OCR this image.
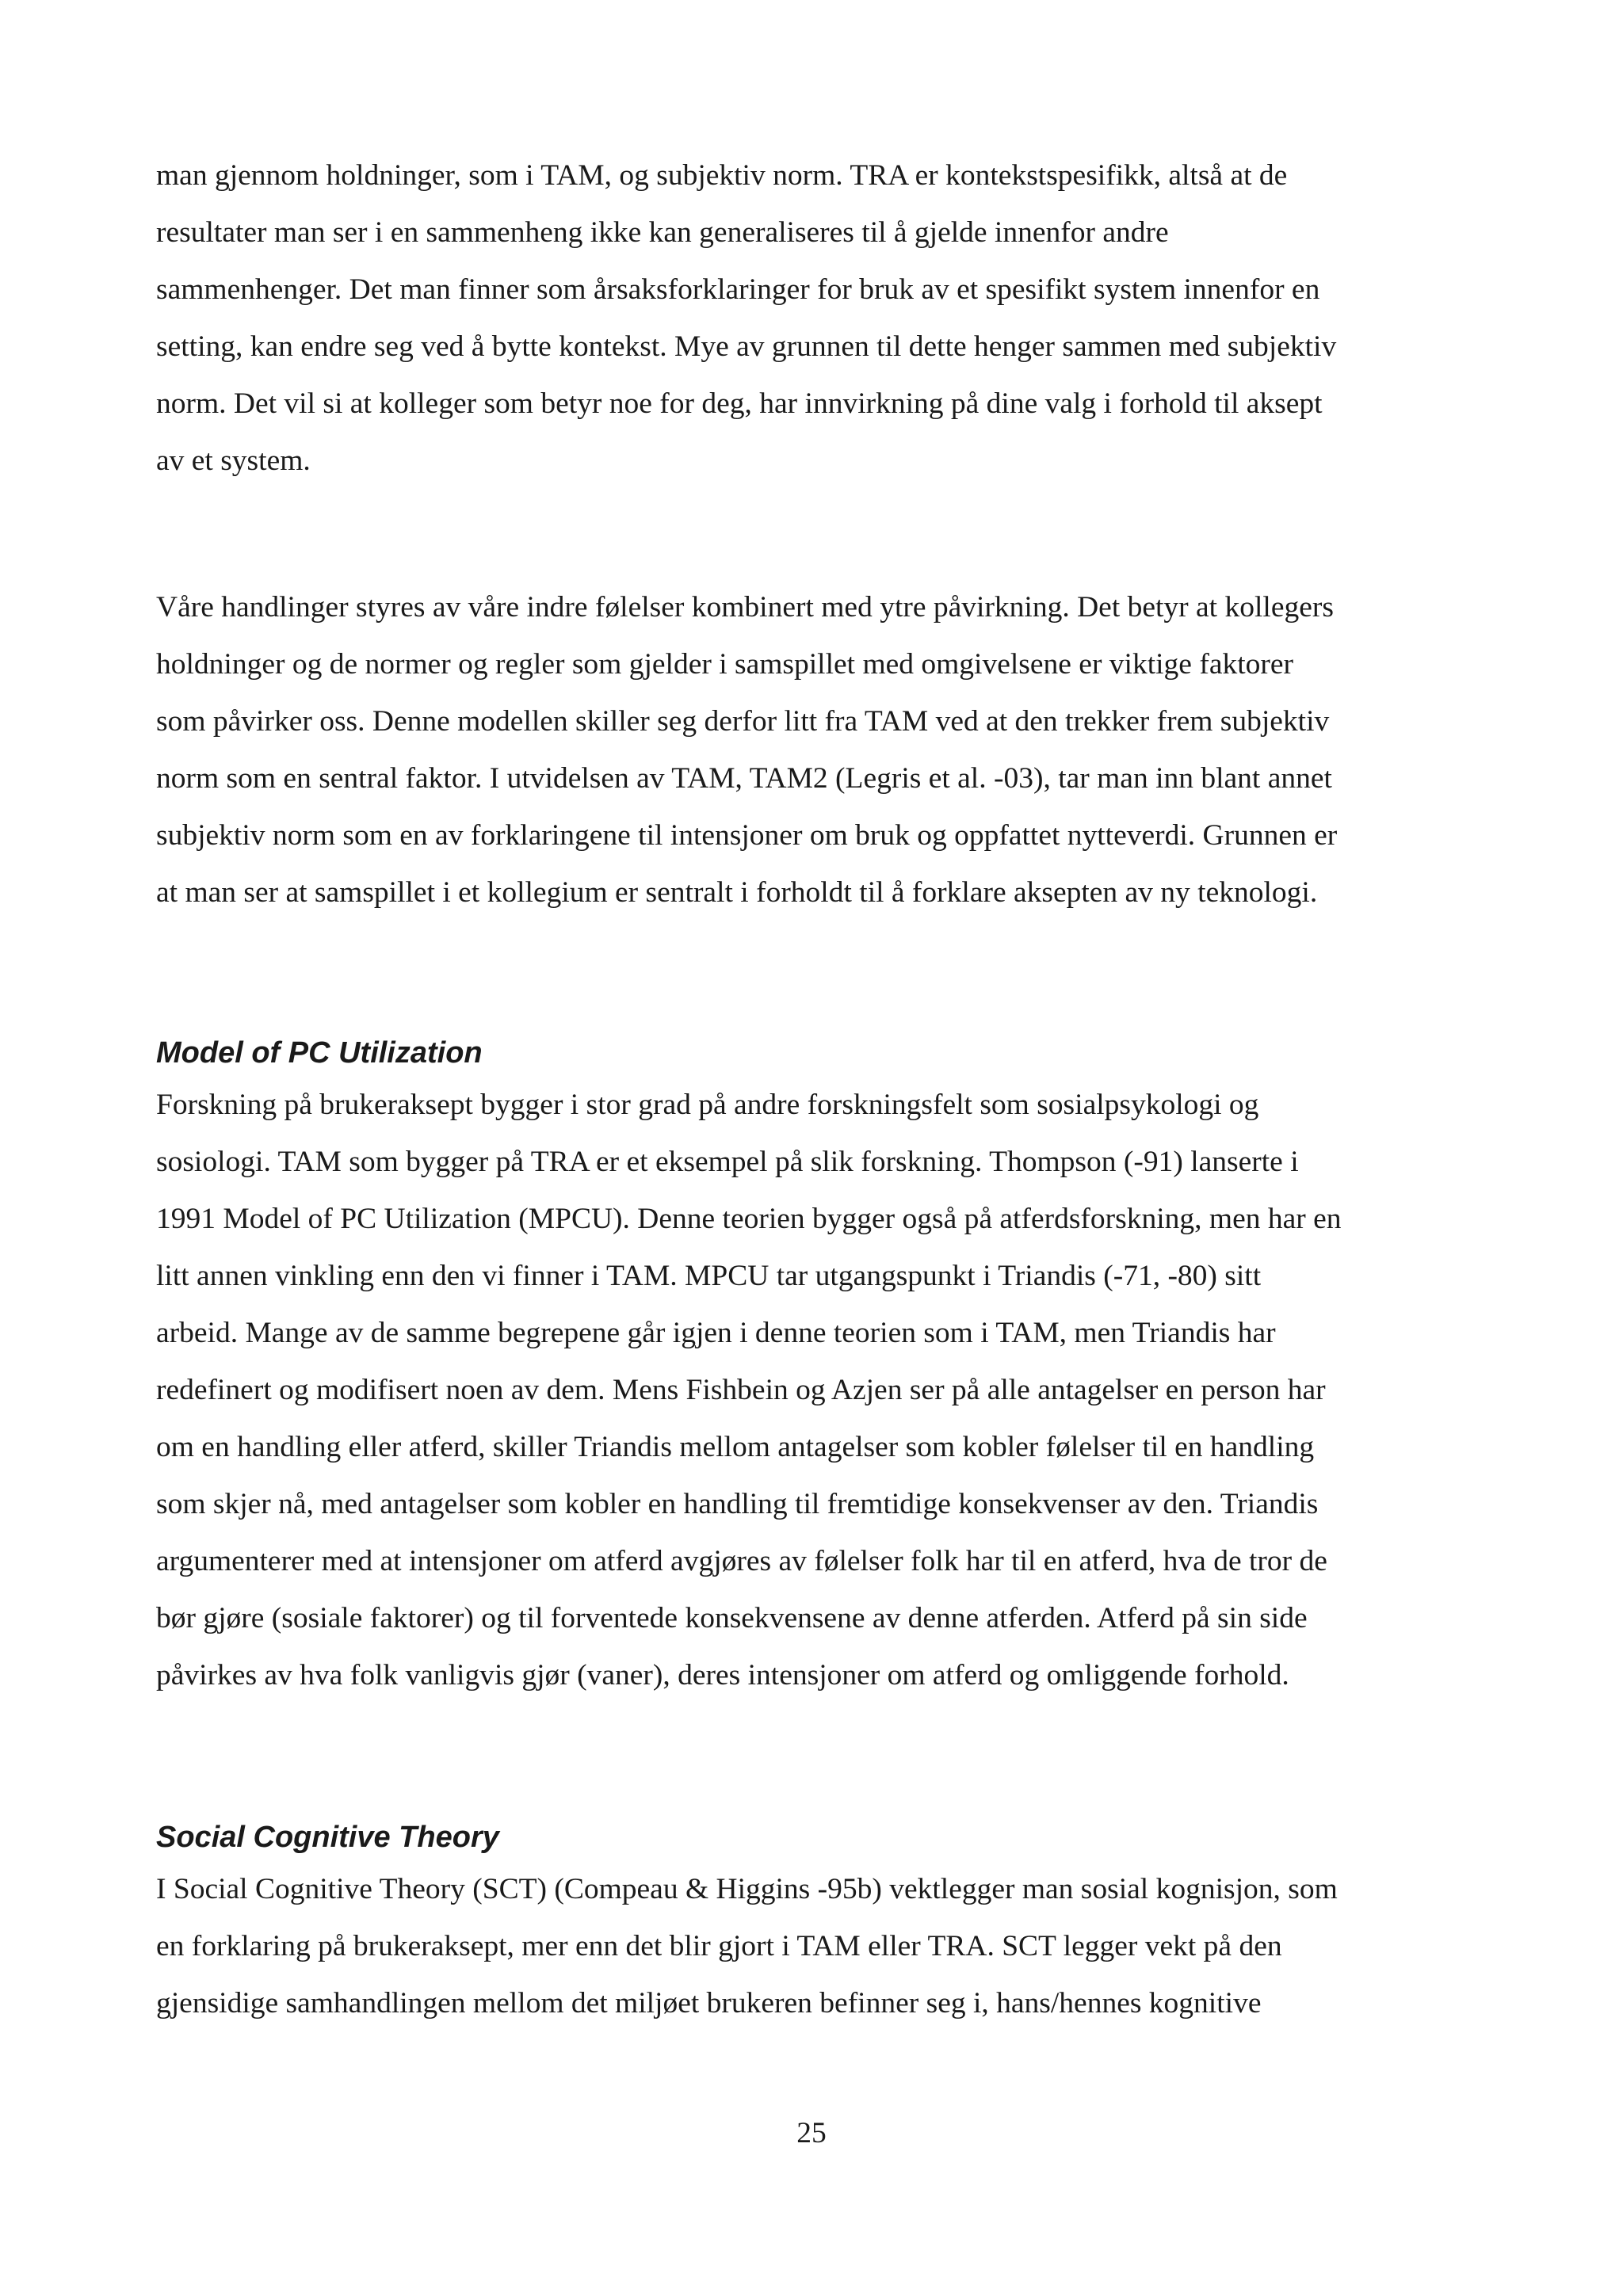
man gjennom holdninger, som i TAM, og subjektiv norm. TRA er kontekstspesifikk, altså at de
resultater man ser i en sammenheng ikke kan generaliseres til å gjelde innenfor andre
sammenhenger. Det man finner som årsaksforklaringer for bruk av et spesifikt system innenfor en
setting, kan endre seg ved å bytte kontekst. Mye av grunnen til dette henger sammen med subjektiv
norm. Det vil si at kolleger som betyr noe for deg, har innvirkning på dine valg i forhold til aksept
av et system.

Våre handlinger styres av våre indre følelser kombinert med ytre påvirkning. Det betyr at kollegers
holdninger og de normer og regler som gjelder i samspillet med omgivelsene er viktige faktorer
som påvirker oss. Denne modellen skiller seg derfor litt fra TAM ved at den trekker frem subjektiv
norm som en sentral faktor. I utvidelsen av TAM, TAM2 (Legris et al. -03), tar man inn blant annet
subjektiv norm som en av forklaringene til intensjoner om bruk og oppfattet nytteverdi. Grunnen er
at man ser at samspillet i et kollegium er sentralt i forholdt til å forklare aksepten av ny teknologi.

Model of PC Utilization

Forskning på brukeraksept bygger i stor grad på andre forskningsfelt som sosialpsykologi og
sosiologi. TAM som bygger på TRA er et eksempel på slik forskning. Thompson (-91) lanserte i
1991 Model of PC Utilization (MPCU). Denne teorien bygger også på atferdsforskning, men har en
litt annen vinkling enn den vi finner i TAM. MPCU tar utgangspunkt i Triandis (-71, -80) sitt
arbeid. Mange av de samme begrepene går igjen i denne teorien som i TAM, men Triandis har
redefinert og modifisert noen av dem. Mens Fishbein og Azjen ser på alle antagelser en person har
om en handling eller atferd, skiller Triandis mellom antagelser som kobler følelser til en handling
som skjer nå, med antagelser som kobler en handling til fremtidige konsekvenser av den. Triandis
argumenterer med at intensjoner om atferd avgjøres av følelser folk har til en atferd, hva de tror de
bør gjøre (sosiale faktorer) og til forventede konsekvensene av denne atferden. Atferd på sin side
påvirkes av hva folk vanligvis gjør (vaner), deres intensjoner om atferd og omliggende forhold.

Social Cognitive Theory

I Social Cognitive Theory (SCT) (Compeau & Higgins -95b) vektlegger man sosial kognisjon, som
en forklaring på brukeraksept, mer enn det blir gjort i TAM eller TRA. SCT legger vekt på den
gjensidige samhandlingen mellom det miljøet brukeren befinner seg i, hans/hennes kognitive

25
